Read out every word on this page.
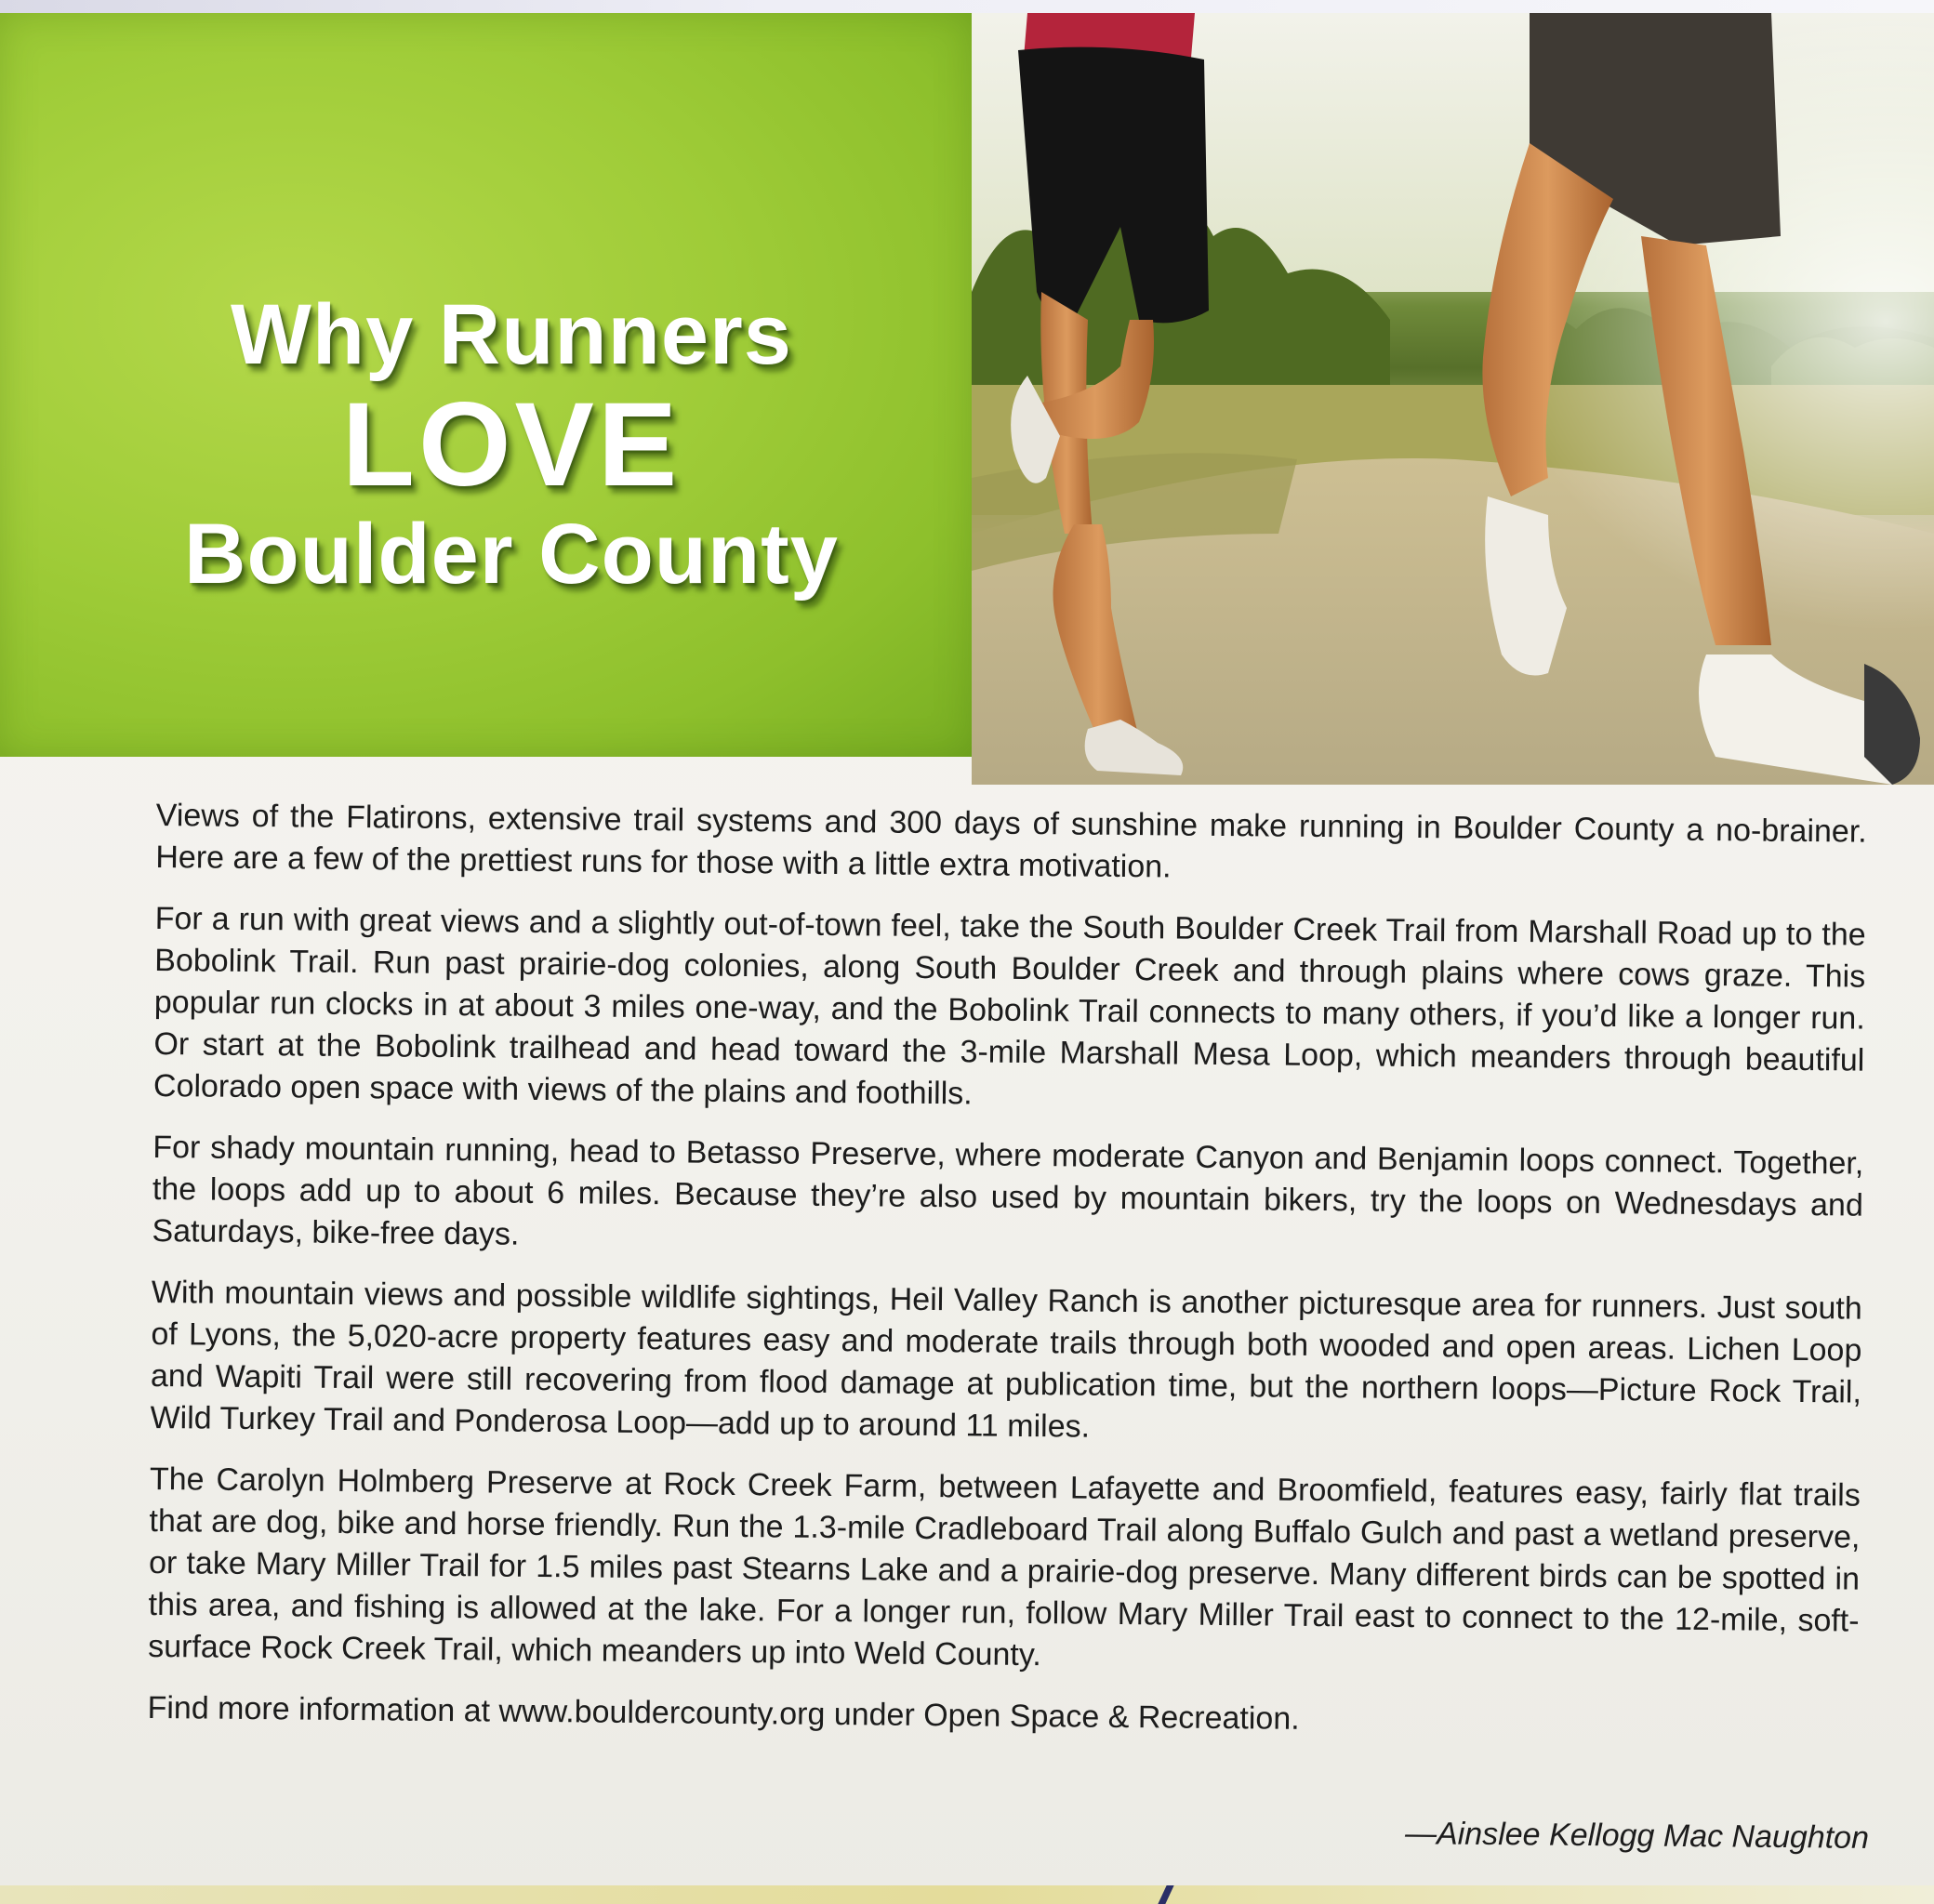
Why Runners
LOVE
Boulder County

Views of the Flatirons, extensive trail systems and 300 days of sunshine make running in Boulder County a no-brainer. Here are a few of the prettiest runs for those with a little extra motivation.

For a run with great views and a slightly out-of-town feel, take the South Boulder Creek Trail from Marshall Road up to the Bobolink Trail. Run past prairie-dog colonies, along South Boulder Creek and through plains where cows graze. This popular run clocks in at about 3 miles one-way, and the Bobolink Trail connects to many others, if you’d like a longer run. Or start at the Bobolink trailhead and head toward the 3-mile Marshall Mesa Loop, which meanders through beautiful Colorado open space with views of the plains and foothills.

For shady mountain running, head to Betasso Preserve, where moderate Canyon and Benjamin loops connect. Together, the loops add up to about 6 miles. Because they’re also used by mountain bikers, try the loops on Wednesdays and Saturdays, bike-free days.

With mountain views and possible wildlife sightings, Heil Valley Ranch is another picturesque area for runners. Just south of Lyons, the 5,020-acre property features easy and moderate trails through both wooded and open areas. Lichen Loop and Wapiti Trail were still recovering from flood damage at publication time, but the northern loops—Picture Rock Trail, Wild Turkey Trail and Ponderosa Loop—add up to around 11 miles.

The Carolyn Holmberg Preserve at Rock Creek Farm, between Lafayette and Broomfield, features easy, fairly flat trails that are dog, bike and horse friendly. Run the 1.3-mile Cradleboard Trail along Buffalo Gulch and past a wetland preserve, or take Mary Miller Trail for 1.5 miles past Stearns Lake and a prairie-dog preserve. Many different birds can be spotted in this area, and fishing is allowed at the lake. For a longer run, follow Mary Miller Trail east to connect to the 12-mile, soft-surface Rock Creek Trail, which meanders up into Weld County.

Find more information at www.bouldercounty.org under Open Space & Recreation.

—Ainslee Kellogg Mac Naughton
